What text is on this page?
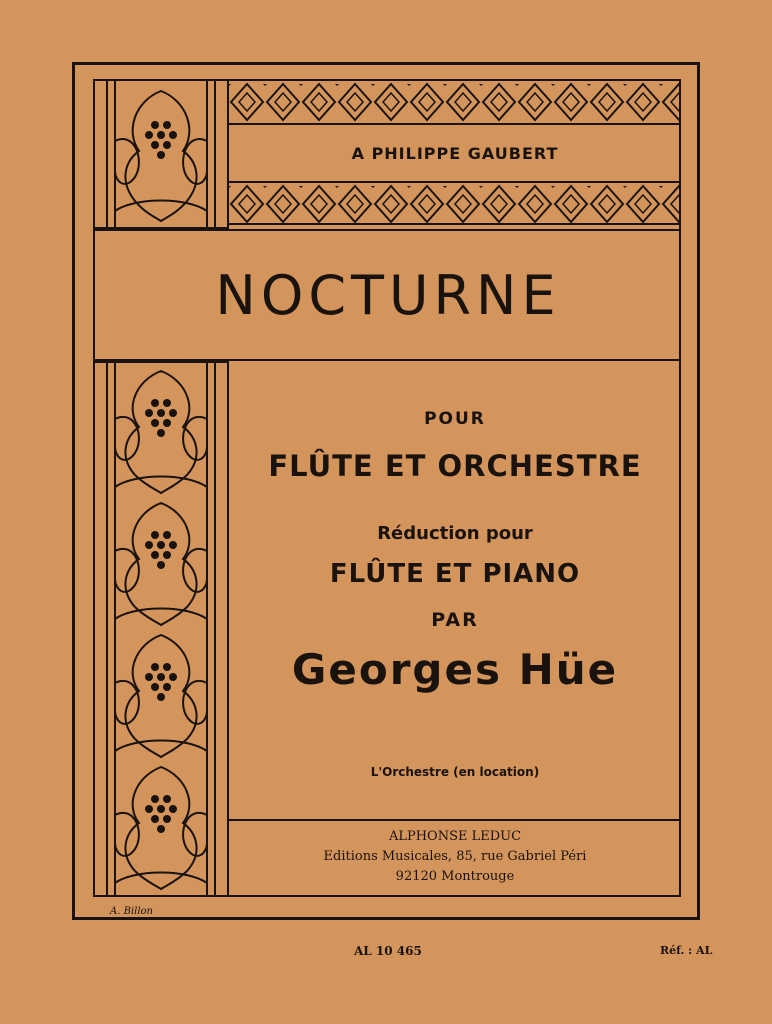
A PHILIPPE GAUBERT
NOCTURNE
POUR
FLÛTE ET ORCHESTRE
Réduction pour
FLÛTE ET PIANO
PAR
Georges Hüe
L'Orchestre (en location)
ALPHONSE LEDUC
Editions Musicales, 85, rue Gabriel Péri
92120 Montrouge
A. Billon
AL 10 465	Réf. : AL
